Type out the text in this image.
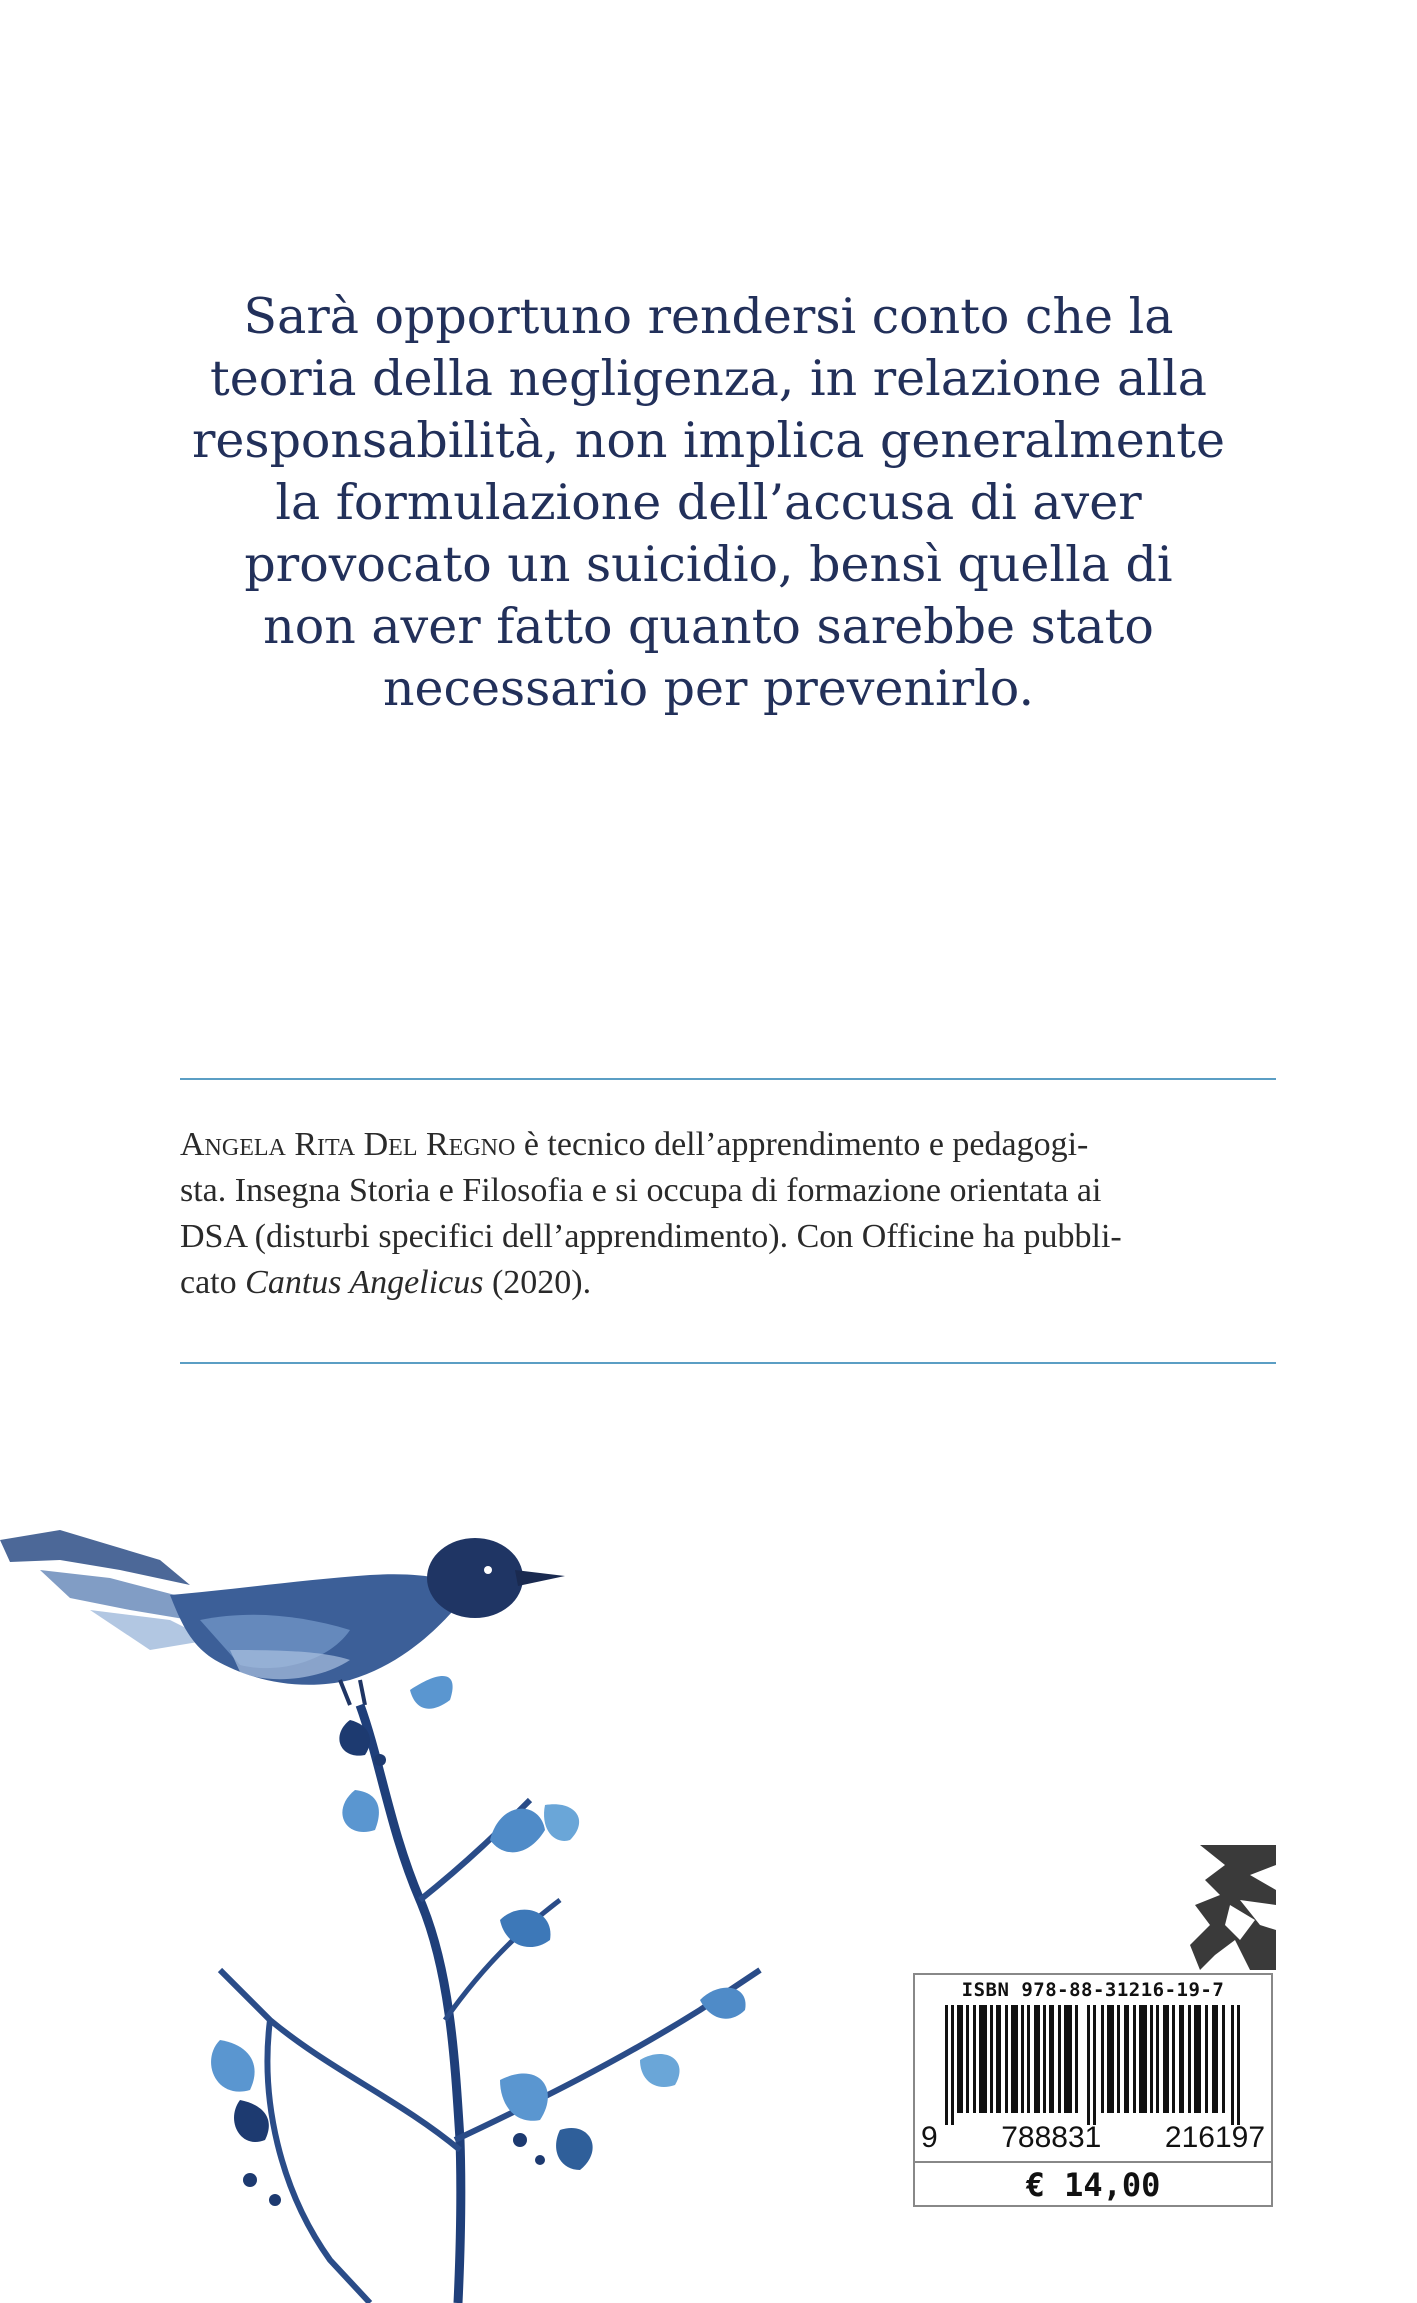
Sarà opportuno rendersi conto che la
teoria della negligenza, in relazione alla
responsabilità, non implica generalmente
la formulazione dell’accusa di aver
provocato un suicidio, bensì quella di
non aver fatto quanto sarebbe stato
necessario per prevenirlo.
Angela Rita Del Regno è tecnico dell’apprendimento e pedagogi-
sta. Insegna Storia e Filosofia e si occupa di formazione orientata ai
DSA (disturbi specifici dell’apprendimento). Con Officine ha pubbli-
cato Cantus Angelicus (2020).
ISBN 978-88-31216-19-7
9 788831 216197
€ 14,00
